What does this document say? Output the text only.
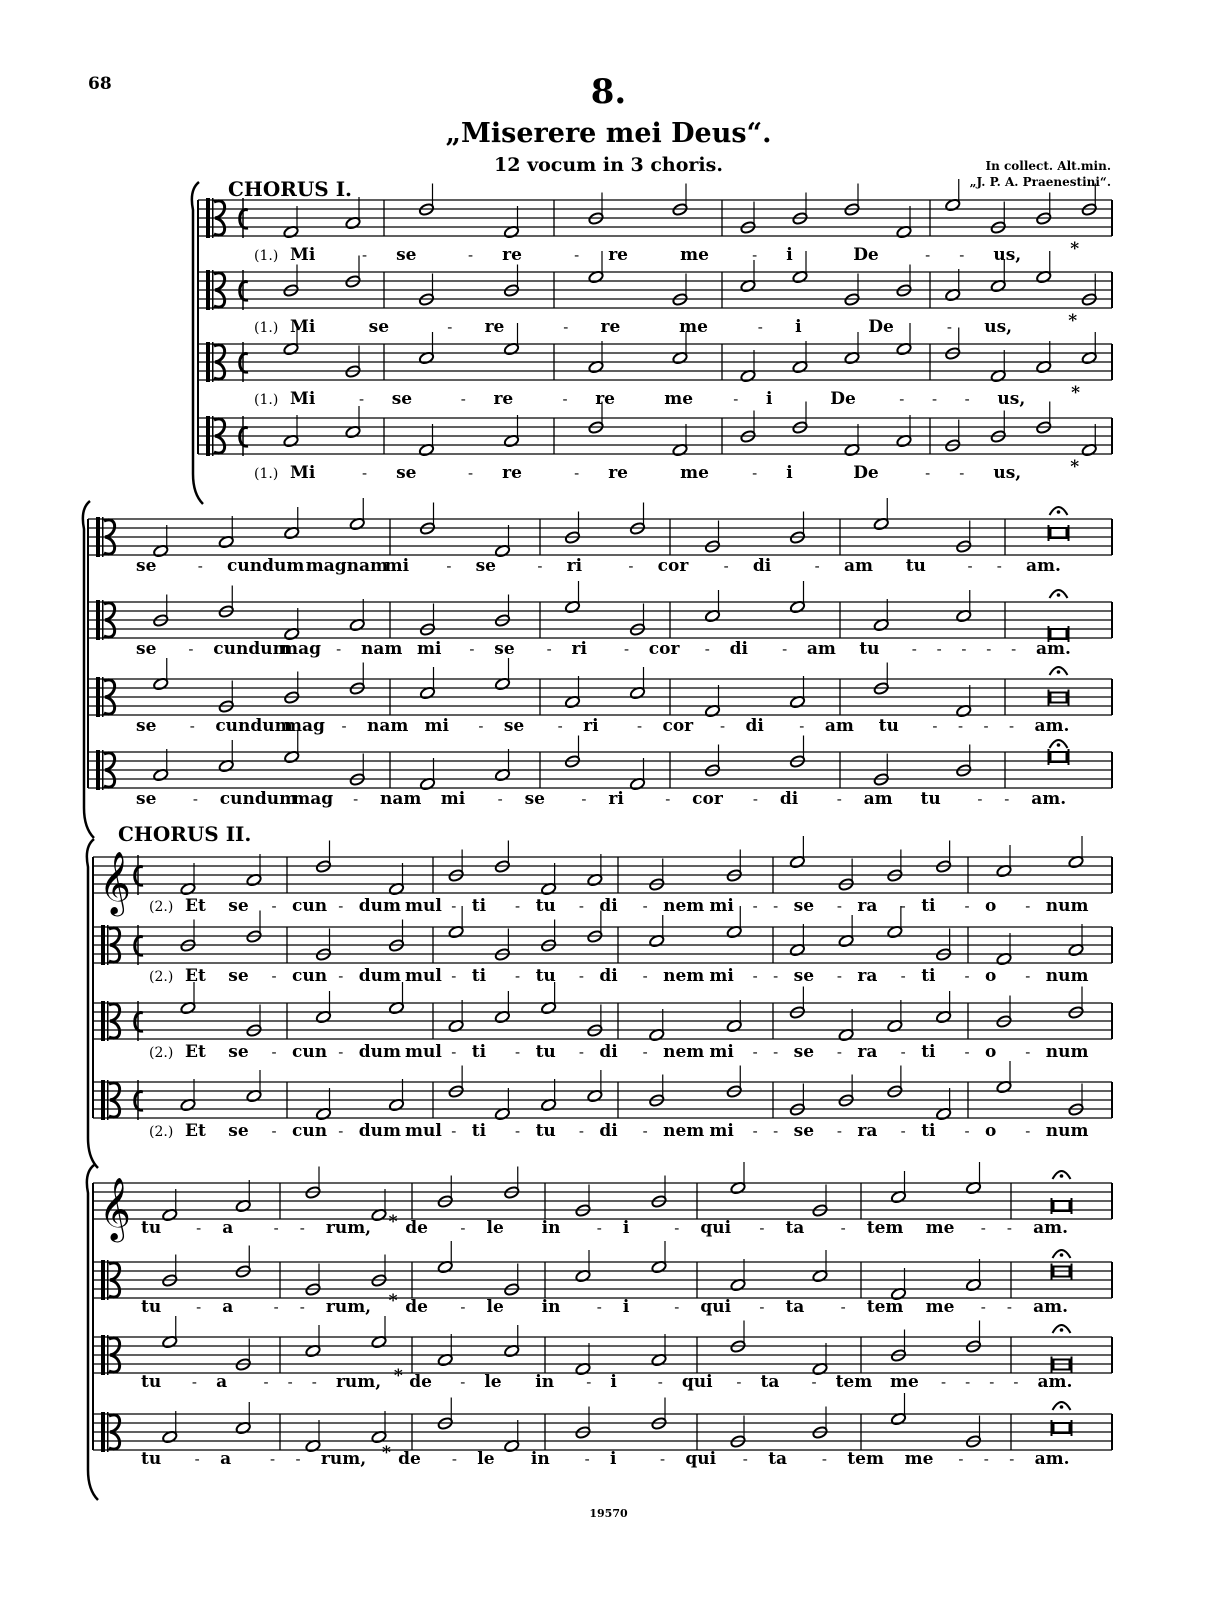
68	8.
„Miserere mei Deus“.
12 vocum in 3 choris.	In collect. Alt.min.
„J. P. A. Praenestini“.
CHORUS I.
CHORUS II.
(1.) Mi	- se	- re	- re	me	- i	De	- - us,	*
(1.) Mi	se	- re	- re	me	- i	De	- us,	*
(1.) Mi	- se	- re	- re	me	- i	De	- - - us,	*
(1.) Mi	- se	- re	- re	me	- i	De	- - us,	*
se	- cundum magnam
mi - se	- ri	- cor - di	- am tu	- - am.
se - cundum
mag - nam mi - se - ri - cor - di - am tu - - - - - am.
se - cundum
mag - nam mi - se - ri	- cor - di - am tu - - - - am.
se - cundum
mag - nam mi - se - ri	- cor - di	- am tu - - am.
𝄞 (2.) Et se - cun - dum mul - ti - tu - di - nem mi - - se - ra - ti - o - num
(2.) Et se - cun - dum mul - ti - tu - di - nem mi - - se - ra - ti - o - num
(2.) Et se - cun - dum mul - ti - tu - di - nem mi - - se - ra - ti - o - num
(2.) Et se - cun - dum mul - ti - tu - di - nem mi - - se - ra - ti - o - num
𝄞 tu - a	- - rum, * de - le in - i	- qui - ta - tem me - - am.
tu - a	- - rum, * de - le in - i	- qui - ta - tem me - - am.
tu - a - - - rum, * de - le in - i	- qui - ta - tem me - - - - am.
tu - a	- - rum, * de - le in - i	- qui - ta - tem me - - - am.
19570
